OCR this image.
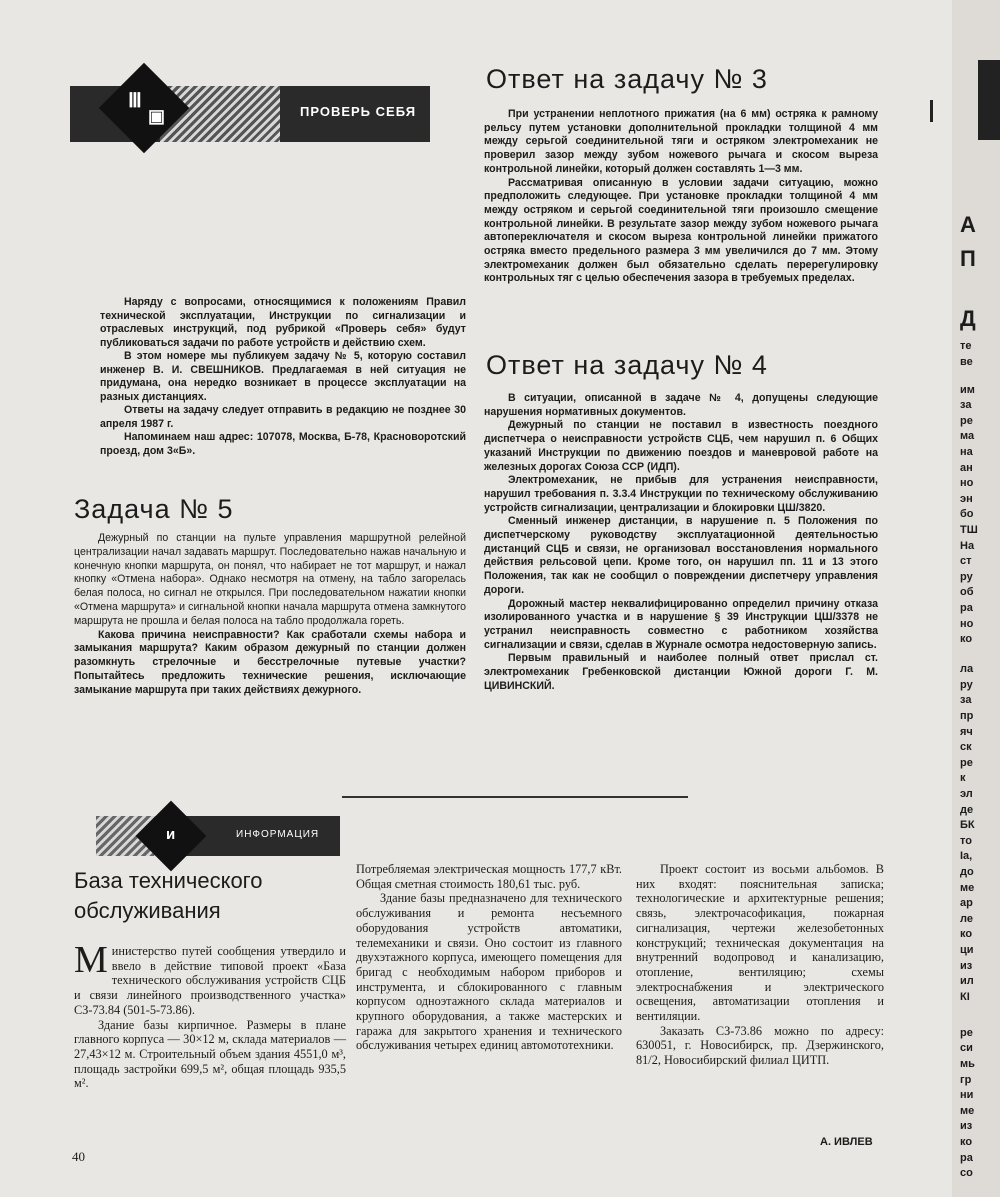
А
П
Д
те
ве
им
за
ре
ма
на
ан
но
эн
бо
ТШ
На
ст
ру
об
ра
но
ко
ла
ру
за
пр
яч
ск
ре
к
эл
де
БК
то
Iа,
до
ме
ар
ле
ко
ци
из
ил
КІ
ре
си
мь
гр
ни
ме
из
ко
ра
со
Ⅲ
▣	ПРОВЕРЬ СЕБЯ
Ответ на задачу № 3

При устранении неплотного прижатия (на 6 мм) остряка к рамному рельсу путем установки дополнительной прокладки толщиной 4 мм между серьгой соединительной тяги и остряком электромеханик не проверил зазор между зубом ножевого рычага и скосом выреза контрольной линейки, который должен составлять 1—3 мм.

Рассматривая описанную в условии задачи ситуацию, можно предположить следующее. При установке прокладки толщиной 4 мм между остряком и серьгой соединительной тяги произошло смещение контрольной линейки. В результате зазор между зубом ножевого рычага автопереключателя и скосом выреза контрольной линейки прижатого остряка вместо предельного размера 3 мм увеличился до 7 мм. Этому электромеханик должен был обязательно сделать перерегулировку контрольных тяг с целью обеспечения зазора в требуемых пределах.

Наряду с вопросами, относящимися к положениям Правил технической эксплуатации, Инструкции по сигнализации и отраслевых инструкций, под рубрикой «Проверь себя» будут публиковаться задачи по работе устройств и действию схем.

В этом номере мы публикуем задачу № 5, которую составил инженер В. И. СВЕШНИКОВ. Предлагаемая в ней ситуация не придумана, она нередко возникает в процессе эксплуатации на разных дистанциях.

Ответы на задачу следует отправить в редакцию не позднее 30 апреля 1987 г.

Напоминаем наш адрес: 107078, Москва, Б-78, Красноворотский проезд, дом 3«Б».

Задача № 5

Дежурный по станции на пульте управления маршрутной релейной централизации начал задавать маршрут. Последовательно нажав начальную и конечную кнопки маршрута, он понял, что набирает не тот маршрут, и нажал кнопку «Отмена набора». Однако несмотря на отмену, на табло загорелась белая полоса, но сигнал не открылся. При последовательном нажатии кнопки «Отмена маршрута» и сигнальной кнопки начала маршрута отмена замкнутого маршрута не прошла и белая полоса на табло продолжала гореть.

Какова причина неисправности? Как сработали схемы набора и замыкания маршрута? Каким образом дежурный по станции должен разомкнуть стрелочные и бесстрелочные путевые участки? Попытайтесь предложить технические решения, исключающие замыкание маршрута при таких действиях дежурного.

Ответ на задачу № 4

В ситуации, описанной в задаче № 4, допущены следующие нарушения нормативных документов.

Дежурный по станции не поставил в известность поездного диспетчера о неисправности устройств СЦБ, чем нарушил п. 6 Общих указаний Инструкции по движению поездов и маневровой работе на железных дорогах Союза ССР (ИДП).

Электромеханик, не прибыв для устранения неисправности, нарушил требования п. 3.3.4 Инструкции по техническому обслуживанию устройств сигнализации, централизации и блокировки ЦШ/3820.

Сменный инженер дистанции, в нарушение п. 5 Положения по диспетчерскому руководству эксплуатационной деятельностью дистанций СЦБ и связи, не организовал восстановления нормального действия рельсовой цепи. Кроме того, он нарушил пп. 11 и 13 этого Положения, так как не сообщил о повреждении диспетчеру управления дороги.

Дорожный мастер неквалифицированно определил причину отказа изолированного участка и в нарушение § 39 Инструкции ЦШ/3378 не устранил неисправность совместно с работником хозяйства сигнализации и связи, сделав в Журнале осмотра недостоверную запись.

Первым правильный и наиболее полный ответ прислал ст. электромеханик Гребенковской дистанции Южной дороги Г. М. ЦИВИНСКИЙ.

и	ИНФОРМАЦИЯ
База технического
обслуживания

Министерство путей сообщения утвердило и ввело в действие типовой проект «База технического обслуживания устройств СЦБ и связи линейного производственного участка» СЗ-73.84 (501-5-73.86).

Здание базы кирпичное. Размеры в плане главного корпуса — 30×12 м, склада материалов — 27,43×12 м. Строительный объем здания 4551,0 м³, площадь застройки 699,5 м², общая площадь 935,5 м².

Потребляемая электрическая мощность 177,7 кВт. Общая сметная стоимость 180,61 тыс. руб.

Здание базы предназначено для технического обслуживания и ремонта несъемного оборудования устройств автоматики, телемеханики и связи. Оно состоит из главного двухэтажного корпуса, имеющего помещения для бригад с необходимым набором приборов и инструмента, и сблокированного с главным корпусом одноэтажного склада материалов и крупного оборудования, а также мастерских и гаража для закрытого хранения и технического обслуживания четырех единиц автомототехники.

Проект состоит из восьми альбомов. В них входят: пояснительная записка; технологические и архитектурные решения; связь, электрочасофикация, пожарная сигнализация, чертежи железобетонных конструкций; техническая документация на внутренний водопровод и канализацию, отопление, вентиляцию; схемы электроснабжения и электрического освещения, автоматизации отопления и вентиляции.

Заказать СЗ-73.86 можно по адресу: 630051, г. Новосибирск, пр. Дзержинского, 81/2, Новосибирский филиал ЦИТП.

А. ИВЛЕВ
40
